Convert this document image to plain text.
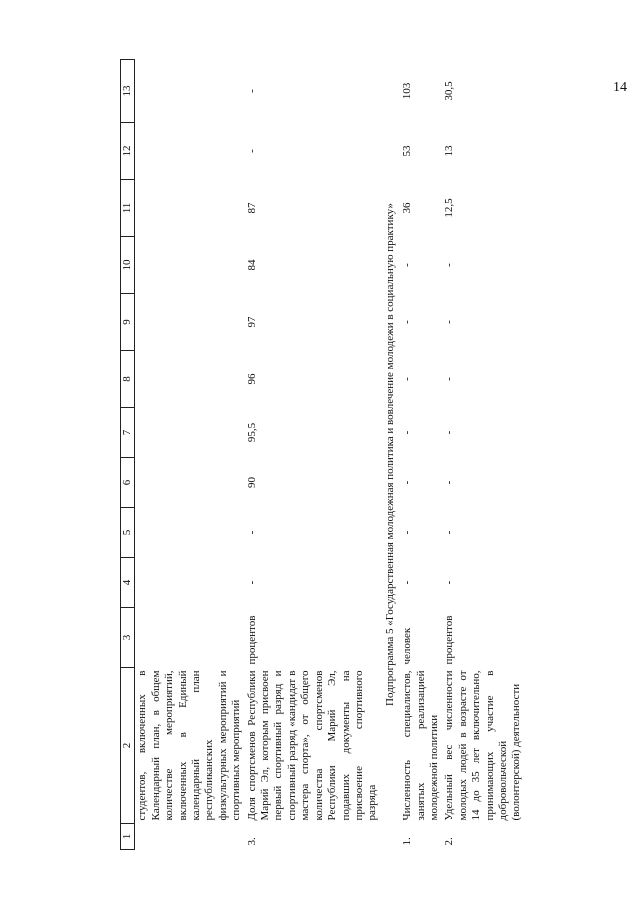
14
1	2	3	4	5	6	7	8	9	10	11	12	13
	студентов, включенных в Календарный план, в общем количестве мероприятий, включенных в Единый календарный план республиканских физкультурных мероприятий и спортивных мероприятий											
3.	Доля спортсменов Республики Марий Эл, которым присвоен первый спортивный разряд и спортивный разряд «кандидат в мастера спорта», от общего количества спортсменов Республики Марий Эл, подавших документы на присвоение спортивного разряда	процентов	-	-	90	95,5	96	97	84	87	-	-
Подпрограмма 5 «Государственная молодежная политика и вовлечение молодежи в социальную практику»												
1.	Численность специалистов, занятых реализацией молодежной политики	человек	-	-	-	-	-	-	-	36	53	103
2.	Удельный вес численности молодых людей в возрасте от 14 до 35 лет включительно, принимающих участие в добровольческой (волонтерской) деятельности	процентов	-	-	-	-	-	-	-	12,5	13	30,5
